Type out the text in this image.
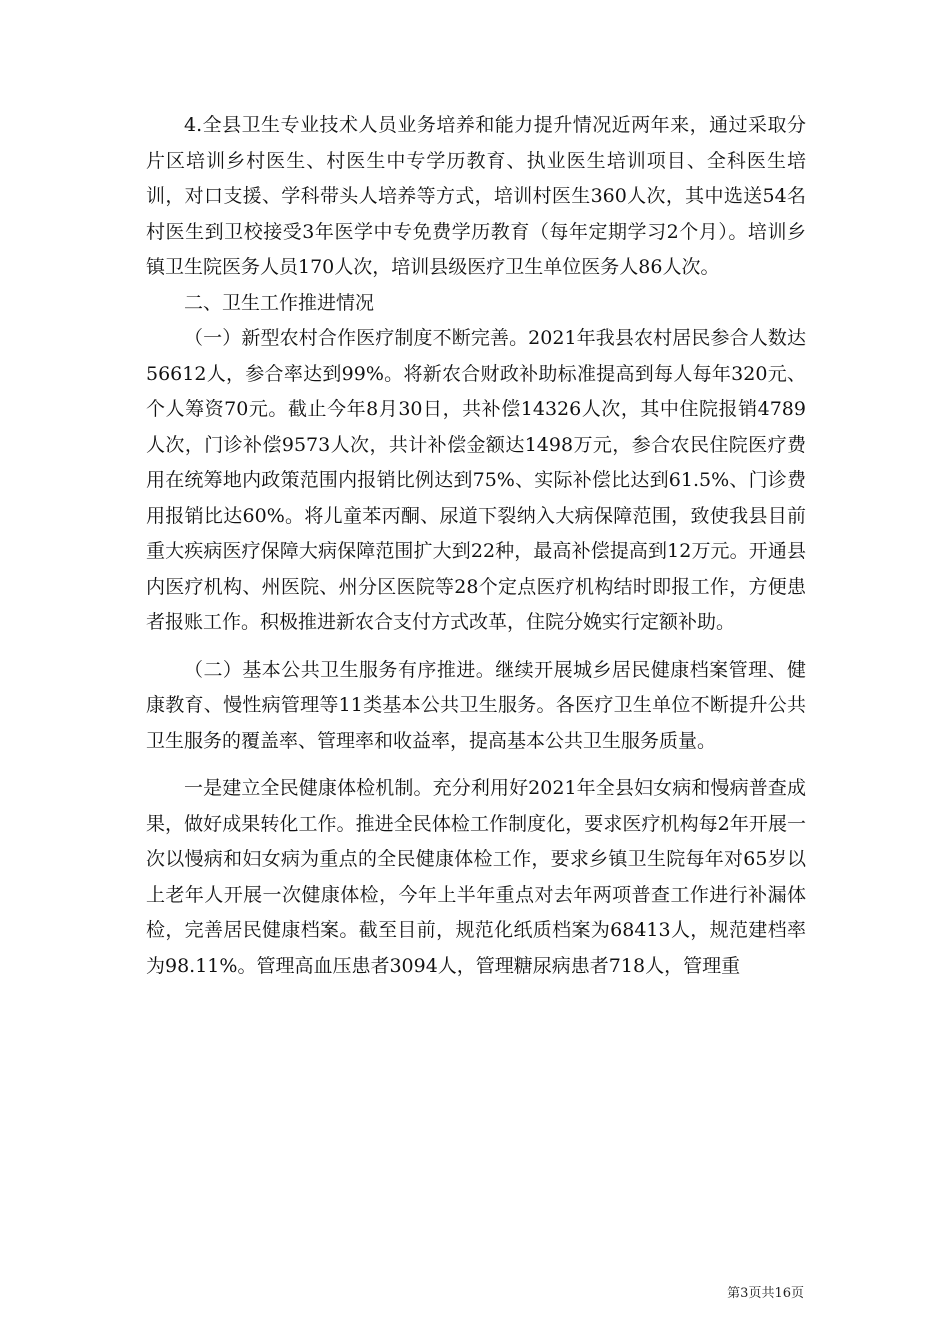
4.全县卫生专业技术人员业务培养和能力提升情况近两年来，通过采取分片区培训乡村医生、村医生中专学历教育、执业医生培训项目、全科医生培训，对口支援、学科带头人培养等方式，培训村医生360人次，其中选送54名村医生到卫校接受3年医学中专免费学历教育（每年定期学习2个月）。培训乡镇卫生院医务人员170人次，培训县级医疗卫生单位医务人86人次。

二、卫生工作推进情况

（一）新型农村合作医疗制度不断完善。2021年我县农村居民参合人数达56612人，参合率达到99%。将新农合财政补助标准提高到每人每年320元、个人筹资70元。截止今年8月30日，共补偿14326人次，其中住院报销4789人次，门诊补偿9573人次，共计补偿金额达1498万元，参合农民住院医疗费用在统筹地内政策范围内报销比例达到75%、实际补偿比达到61.5%、门诊费用报销比达60%。将儿童苯丙酮、尿道下裂纳入大病保障范围，致使我县目前重大疾病医疗保障大病保障范围扩大到22种，最高补偿提高到12万元。开通县内医疗机构、州医院、州分区医院等28个定点医疗机构结时即报工作，方便患者报账工作。积极推进新农合支付方式改革，住院分娩实行定额补助。

（二）基本公共卫生服务有序推进。继续开展城乡居民健康档案管理、健康教育、慢性病管理等11类基本公共卫生服务。各医疗卫生单位不断提升公共卫生服务的覆盖率、管理率和收益率，提高基本公共卫生服务质量。

一是建立全民健康体检机制。充分利用好2021年全县妇女病和慢病普查成果，做好成果转化工作。推进全民体检工作制度化，要求医疗机构每2年开展一次以慢病和妇女病为重点的全民健康体检工作，要求乡镇卫生院每年对65岁以上老年人开展一次健康体检，今年上半年重点对去年两项普查工作进行补漏体检，完善居民健康档案。截至目前，规范化纸质档案为68413人，规范建档率为98.11%。管理高血压患者3094人，管理糖尿病患者718人，管理重

第3页共16页
